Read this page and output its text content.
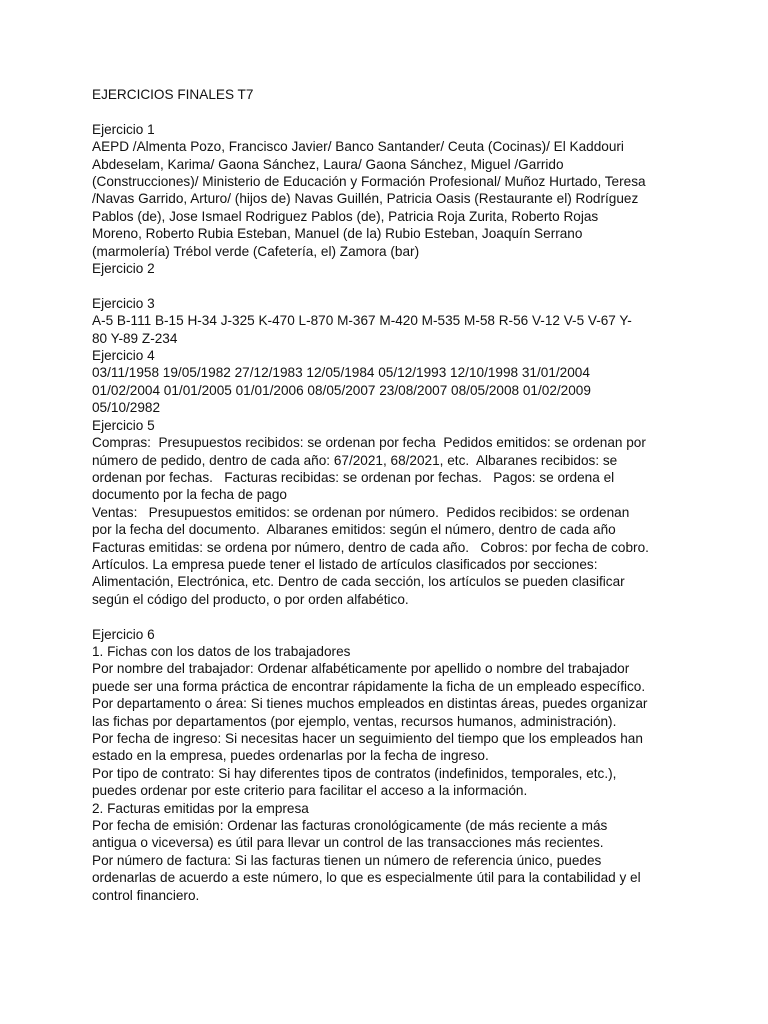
EJERCICIOS FINALES T7
Ejercicio 1
AEPD /Almenta Pozo, Francisco Javier/ Banco Santander/ Ceuta (Cocinas)/ El Kaddouri
Abdeselam, Karima/ Gaona Sánchez, Laura/ Gaona Sánchez, Miguel /Garrido
(Construcciones)/ Ministerio de Educación y Formación Profesional/ Muñoz Hurtado, Teresa
/Navas Garrido, Arturo/ (hijos de) Navas Guillén, Patricia Oasis (Restaurante el) Rodríguez
Pablos (de), Jose Ismael Rodriguez Pablos (de), Patricia Roja Zurita, Roberto Rojas
Moreno, Roberto Rubia Esteban, Manuel (de la) Rubio Esteban, Joaquín Serrano
(marmolería) Trébol verde (Cafetería, el) Zamora (bar)
Ejercicio 2
Ejercicio 3
A-5 B-111 B-15 H-34 J-325 K-470 L-870 M-367 M-420 M-535 M-58 R-56 V-12 V-5 V-67 Y-
80 Y-89 Z-234
Ejercicio 4
03/11/1958 19/05/1982 27/12/1983 12/05/1984 05/12/1993 12/10/1998 31/01/2004
01/02/2004 01/01/2005 01/01/2006 08/05/2007 23/08/2007 08/05/2008 01/02/2009
05/10/2982
Ejercicio 5
Compras:  Presupuestos recibidos: se ordenan por fecha  Pedidos emitidos: se ordenan por
número de pedido, dentro de cada año: 67/2021, 68/2021, etc.  Albaranes recibidos: se
ordenan por fechas.   Facturas recibidas: se ordenan por fechas.   Pagos: se ordena el
documento por la fecha de pago
Ventas:   Presupuestos emitidos: se ordenan por número.  Pedidos recibidos: se ordenan
por la fecha del documento.  Albaranes emitidos: según el número, dentro de cada año
Facturas emitidas: se ordena por número, dentro de cada año.   Cobros: por fecha de cobro.
Artículos. La empresa puede tener el listado de artículos clasificados por secciones:
Alimentación, Electrónica, etc. Dentro de cada sección, los artículos se pueden clasificar
según el código del producto, o por orden alfabético.
Ejercicio 6
1. Fichas con los datos de los trabajadores
Por nombre del trabajador: Ordenar alfabéticamente por apellido o nombre del trabajador
puede ser una forma práctica de encontrar rápidamente la ficha de un empleado específico.
Por departamento o área: Si tienes muchos empleados en distintas áreas, puedes organizar
las fichas por departamentos (por ejemplo, ventas, recursos humanos, administración).
Por fecha de ingreso: Si necesitas hacer un seguimiento del tiempo que los empleados han
estado en la empresa, puedes ordenarlas por la fecha de ingreso.
Por tipo de contrato: Si hay diferentes tipos de contratos (indefinidos, temporales, etc.),
puedes ordenar por este criterio para facilitar el acceso a la información.
2. Facturas emitidas por la empresa
Por fecha de emisión: Ordenar las facturas cronológicamente (de más reciente a más
antigua o viceversa) es útil para llevar un control de las transacciones más recientes.
Por número de factura: Si las facturas tienen un número de referencia único, puedes
ordenarlas de acuerdo a este número, lo que es especialmente útil para la contabilidad y el
control financiero.
